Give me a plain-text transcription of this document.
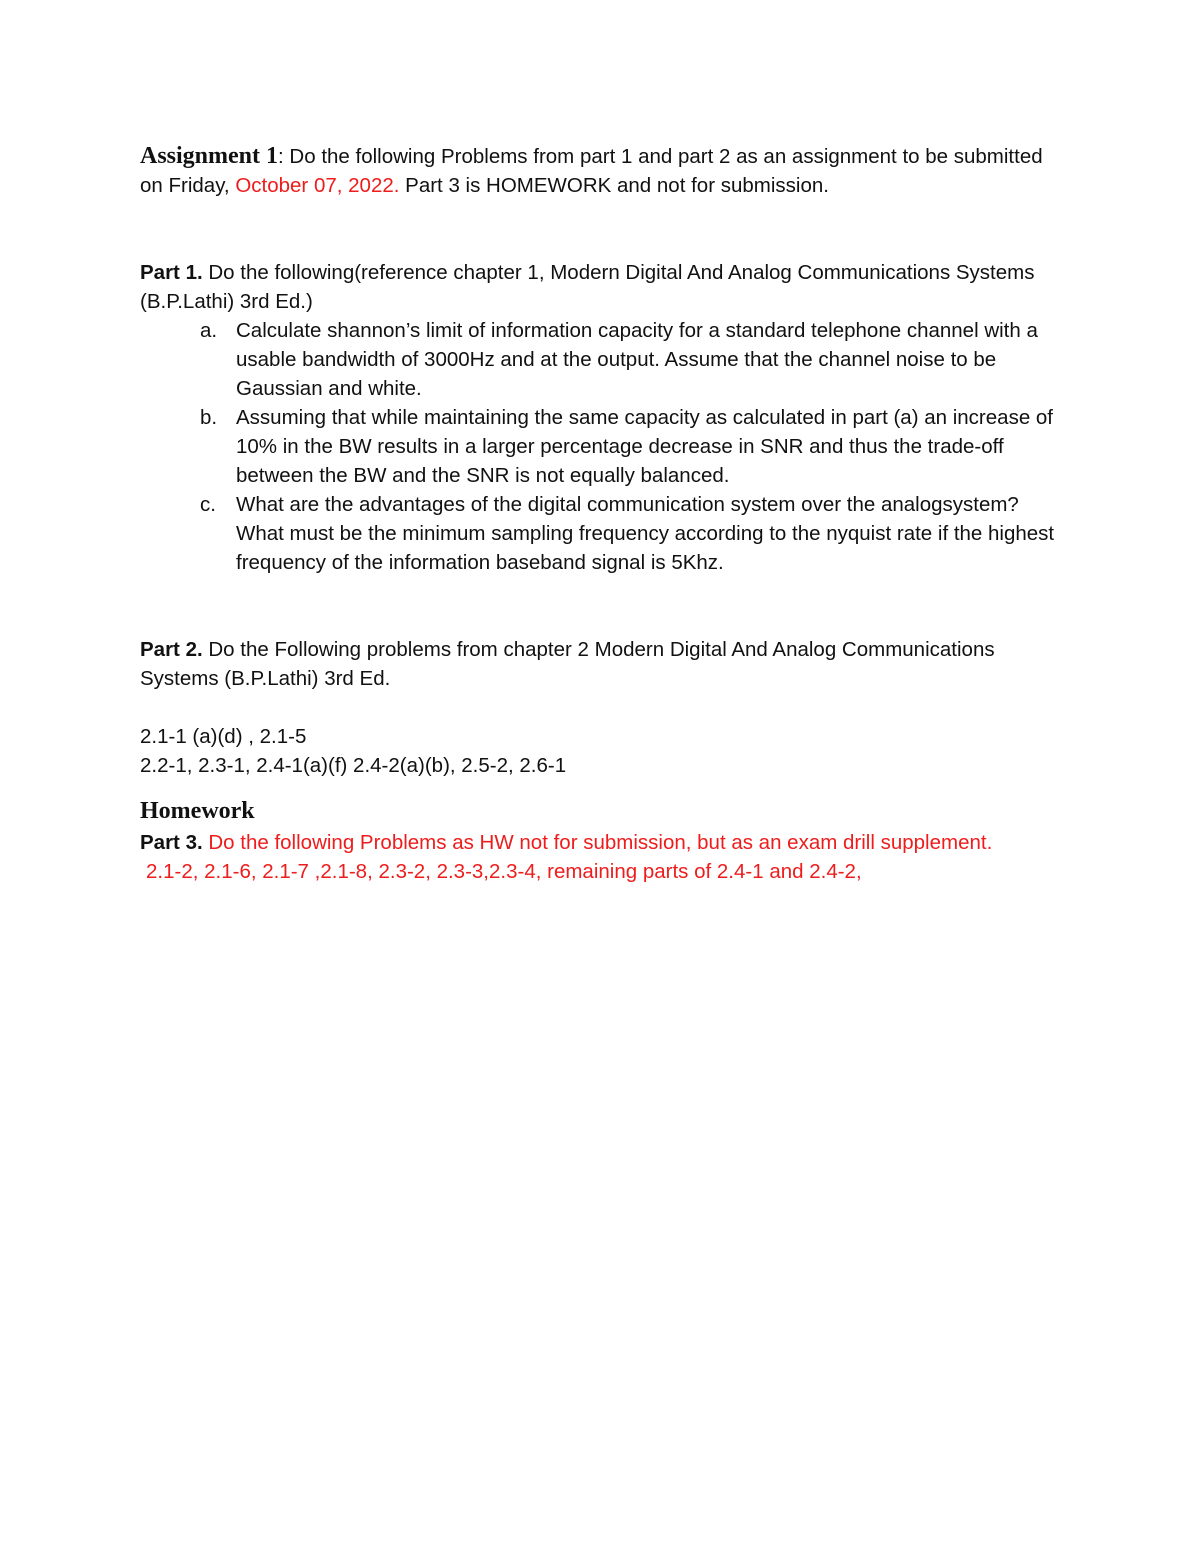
Assignment 1: Do the following Problems from part 1 and part 2 as an assignment to be submitted on Friday, October 07, 2022. Part 3 is HOMEWORK and not for submission.

Part 1. Do the following(reference chapter 1, Modern Digital And Analog Communications Systems (B.P.Lathi) 3rd Ed.)

a. Calculate shannon’s limit of information capacity for a standard telephone channel with a usable bandwidth of 3000Hz and at the output. Assume that the channel noise to be Gaussian and white.
b. Assuming that while maintaining the same capacity as calculated in part (a) an increase of 10% in the BW results in a larger percentage decrease in SNR and thus the trade-off between the BW and the SNR is not equally balanced.
c. What are the advantages of the digital communication system over the analogsystem? What must be the minimum sampling frequency according to the nyquist rate if the highest frequency of the information baseband signal is 5Khz.

Part 2. Do the Following problems from chapter 2 Modern Digital And Analog Communications Systems (B.P.Lathi) 3rd Ed.

2.1-1 (a)(d) , 2.1-5

2.2-1, 2.3-1, 2.4-1(a)(f) 2.4-2(a)(b), 2.5-2, 2.6-1

Homework

Part 3. Do the following Problems as HW not for submission, but as an exam drill supplement.

2.1-2, 2.1-6, 2.1-7 ,2.1-8, 2.3-2, 2.3-3,2.3-4, remaining parts of 2.4-1 and 2.4-2,
